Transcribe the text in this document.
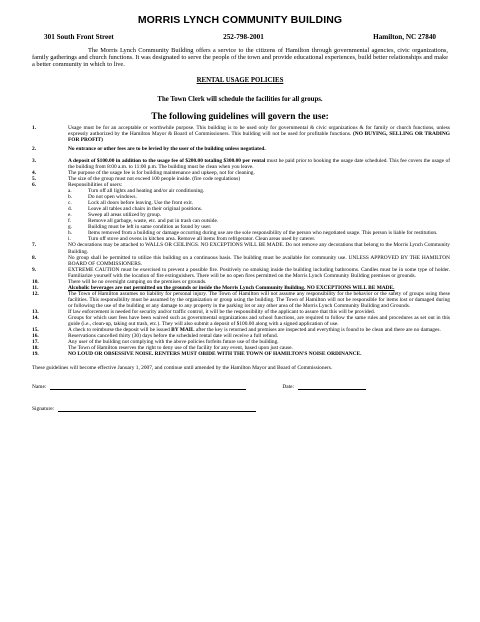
MORRIS LYNCH COMMUNITY BUILDING
301 South Front Street	252-798-2001	Hamilton, NC 27840
The Morris Lynch Community Building offers a service to the citizens of Hamilton through governmental agencies, civic organizations, family gatherings and church functions. It was designated to serve the people of the town and provide educational experiences, build better relationships and make a better community in which to live.
RENTAL USAGE POLICIES
The Town Clerk will schedule the facilities for all groups.
The following guidelines will govern the use:
1.	Usage must be for an acceptable or worthwhile purpose. This building is to be used only for governmental & civic organizations & for family or church functions, unless expressly authorized by the Hamilton Mayor & Board of Commissioners. This building will not be used for profitable functions. (NO BUYING, SELLING OR TRADING FOR PROFIT)
2.	No entrance or other fees are to be levied by the user of the building unless negotiated.
3.	A deposit of $100.00 in addition to the usage fee of $200.00 totaling $300.00 per rental must be paid prior to booking the usage date scheduled. This fee covers the usage of the building from 8:00 a.m. to 11:00 p.m. The building must be clean when you leave.
4.	The purpose of the usage fee is for building maintenance and upkeep, not for cleaning.
5.	The size of the group must not exceed 100 people inside. (fire code regulations)
6.	Responsibilities of users:
a.	Turn off all lights and heating and/or air conditioning.
b.	Do not open windows.
c.	Lock all doors before leaving. Use the front exit.
d.	Leave all tables and chairs in their original positions.
e.	Sweep all areas utilized by group.
f.	Remove all garbage, waste, etc. and put in trash can outside.
g.	Building must be left in same condition as found by user.
h.	Items removed from a building or damage occurring during use are the sole responsibility of the person who negotiated usage. This person is liable for restitution.
i.	Turn off stove and ovens in kitchen area. Remove all items from refrigerator. Clean areas used by caterer.
7.	NO decorations may be attached to WALLS OR CEILINGS. NO EXCEPTIONS WILL BE MADE. Do not remove any decorations that belong to the Morris Lynch Community Building.
8.	No group shall be permitted to utilize this building on a continuous basis. The building must be available for community use. UNLESS APPROVED BY THE HAMILTON BOARD OF COMMISSIONERS.
9.	EXTREME CAUTION must be exercised to prevent a possible fire. Positively no smoking inside the building including bathrooms. Candles must be in some type of holder. Familiarize yourself with the location of fire extinguishers. There will be no open fires permitted on the Morris Lynch Community Building premises or grounds.
10.	There will be no overnight camping on the premises or grounds.
11.	Alcoholic beverages are not permitted on the grounds or inside the Morris Lynch Community Building. NO EXCEPTIONS WILL BE MADE.
12.	The Town of Hamilton assumes no liability for personal injury. The Town of Hamilton will not assume any responsibility for the behavior or the safety of groups using these facilities. This responsibility must be assumed by the organization or group using the building. The Town of Hamilton will not be responsible for items lost or damaged during or following the use of the building or any damage to any property in the parking lot or any other area of the Morris Lynch Community Building and Grounds.
13.	If law enforcement is needed for security and/or traffic control, it will be the responsibility of the applicant to assure that this will be provided.
14.	Groups for which user fees have been waived such as governmental organizations and school functions, are required to follow the same rules and procedures as set out in this guide (i.e., clean-up, taking out trash, etc.). They will also submit a deposit of $100.00 along with a signed application of use.
15.	A check to reimburse the deposit will be issued BY MAIL after the key is returned and premises are inspected and everything is found to be clean and there are no damages.
16.	Reservations cancelled thirty (30) days before the scheduled rental date will receive a full refund.
17.	Any user of the building not complying with the above policies forfeits future use of the building.
18.	The Town of Hamilton reserves the right to deny use of the facility for any event, based upon just cause.
19.	NO LOUD OR OBSESSIVE NOISE. RENTERS MUST OBIDE WITH THE TOWN OF HAMILTON'S NOISE ORDINANCE.
These guidelines will become effective January 1, 2007, and continue until amended by the Hamilton Mayor and Board of Commissioners.
Name:	Date:
Signature:
